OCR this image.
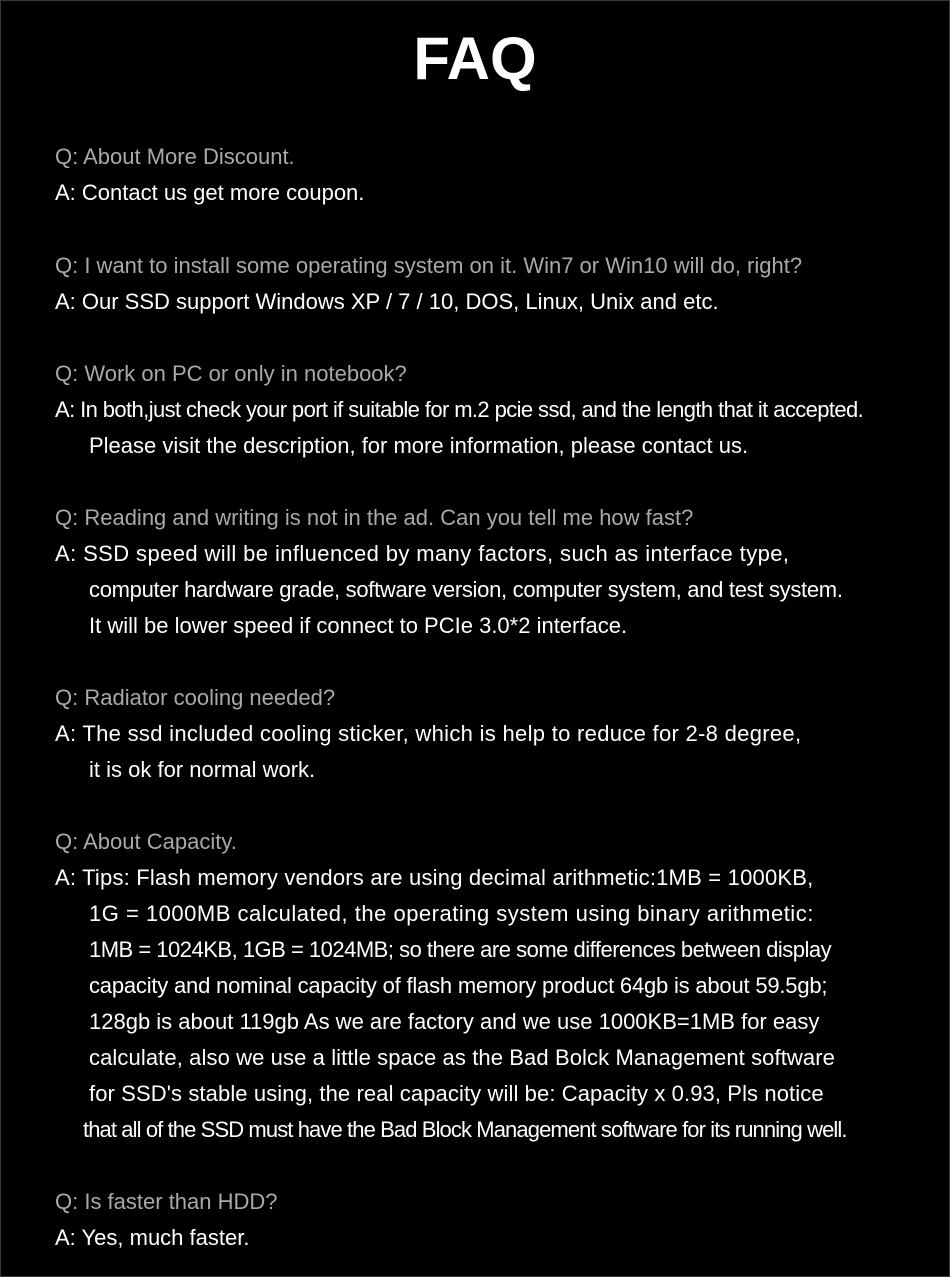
FAQ
Q: About More Discount.
A: Contact us get more coupon.
Q: I want to install some operating system on it. Win7 or Win10 will do, right?
A: Our SSD support Windows XP / 7 / 10, DOS, Linux, Unix and etc.
Q: Work on PC or only in notebook?
A: In both,just check your port if suitable for m.2 pcie ssd, and the length that it accepted.
Please visit the description, for more information, please contact us.
Q: Reading and writing is not in the ad. Can you tell me how fast?
A: SSD speed will be influenced by many factors, such as interface type,
computer hardware grade, software version, computer system, and test system.
It will be lower speed if connect to PCIe 3.0*2 interface.
Q: Radiator cooling needed?
A: The ssd included cooling sticker, which is help to reduce for 2-8 degree,
it is ok for normal work.
Q: About Capacity.
A: Tips: Flash memory vendors are using decimal arithmetic:1MB = 1000KB,
1G = 1000MB calculated, the operating system using binary arithmetic:
1MB = 1024KB, 1GB = 1024MB; so there are some differences between display
capacity and nominal capacity of flash memory product 64gb is about 59.5gb;
128gb is about 119gb As we are factory and we use 1000KB=1MB for easy
calculate, also we use a little space as the Bad Bolck Management software
for SSD's stable using, the real capacity will be: Capacity x 0.93, Pls notice
that all of the SSD must have the Bad Block Management software for its running well.
Q: Is faster than HDD?
A: Yes, much faster.
